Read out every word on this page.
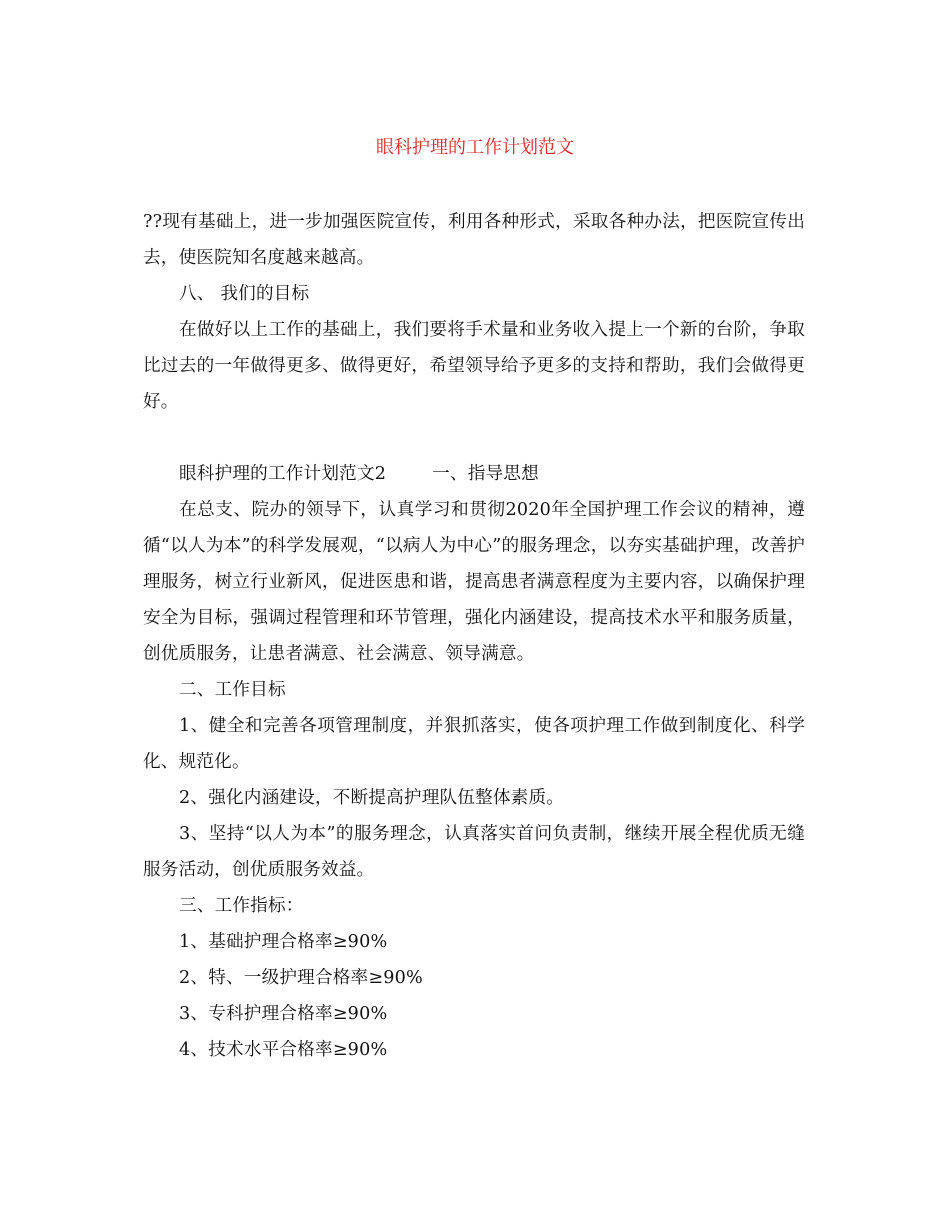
眼科护理的工作计划范文

??现有基础上，进一步加强医院宣传，利用各种形式，采取各种办法，把医院宣传出去，使医院知名度越来越高。

八、 我们的目标

在做好以上工作的基础上，我们要将手术量和业务收入提上一个新的台阶，争取比过去的一年做得更多、做得更好，希望领导给予更多的支持和帮助，我们会做得更好。

眼科护理的工作计划范文2	一、指导思想

在总支、院办的领导下，认真学习和贯彻2020年全国护理工作会议的精神，遵循“以人为本”的科学发展观，“以病人为中心”的服务理念，以夯实基础护理，改善护理服务，树立行业新风，促进医患和谐，提高患者满意程度为主要内容，以确保护理安全为目标，强调过程管理和环节管理，强化内涵建设，提高技术水平和服务质量，创优质服务，让患者满意、社会满意、领导满意。

二、工作目标

1、健全和完善各项管理制度，并狠抓落实，使各项护理工作做到制度化、科学化、规范化。

2、强化内涵建设，不断提高护理队伍整体素质。

3、坚持“以人为本”的服务理念，认真落实首问负责制，继续开展全程优质无缝服务活动，创优质服务效益。

三、工作指标：

1、基础护理合格率≥90%

2、特、一级护理合格率≥90%

3、专科护理合格率≥90%

4、技术水平合格率≥90%
